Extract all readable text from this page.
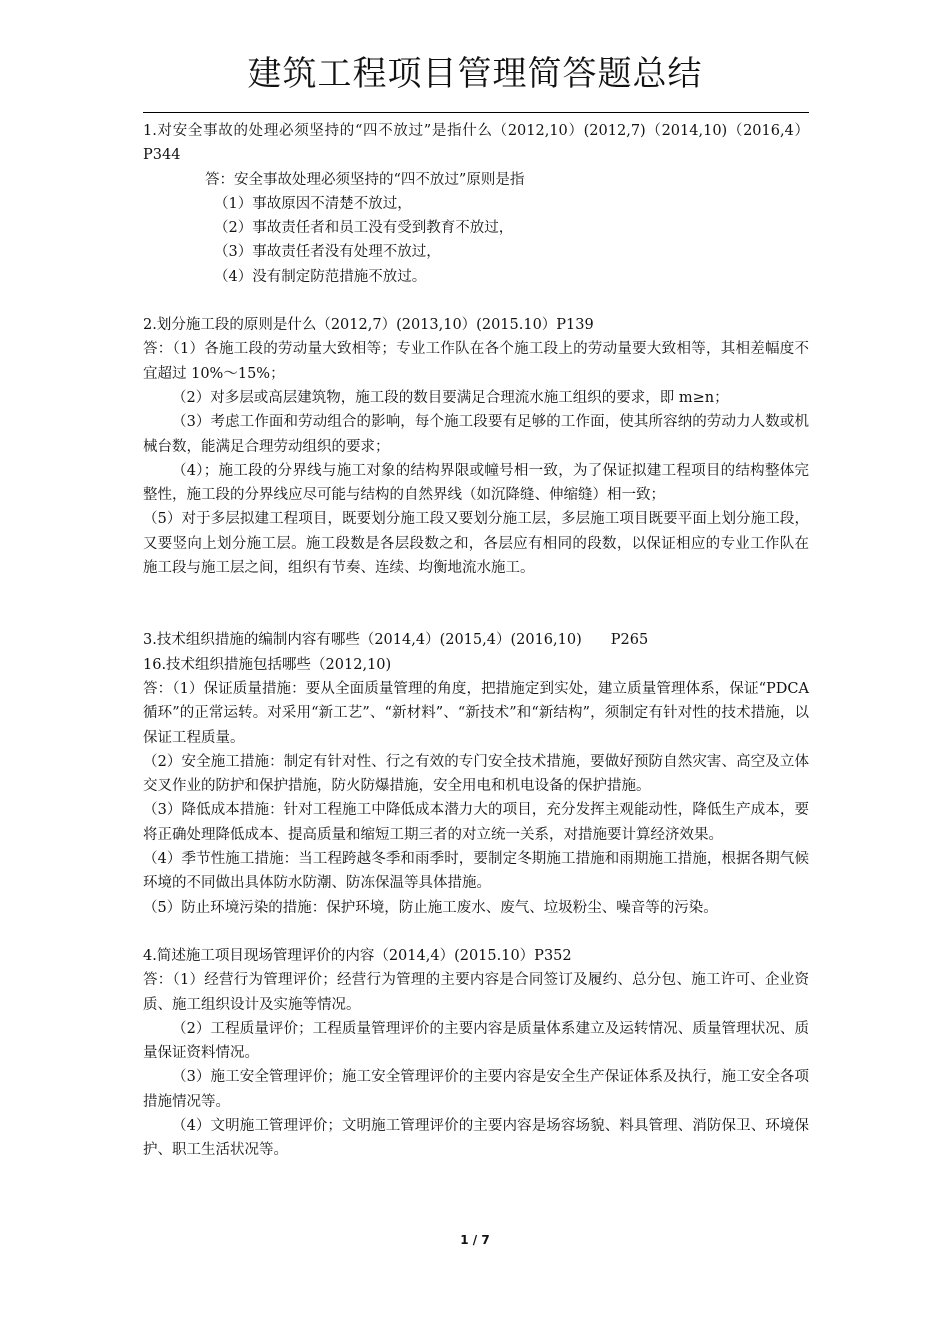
建筑工程项目管理简答题总结

1.对安全事故的处理必须坚持的“四不放过”是指什么（2012,10）(2012,7)（2014,10)（2016,4）P344

答：安全事故处理必须坚持的“四不放过”原则是指

（1）事故原因不清楚不放过，

（2）事故责任者和员工没有受到教育不放过，

（3）事故责任者没有处理不放过，

（4）没有制定防范措施不放过。

2.划分施工段的原则是什么（2012,7）(2013,10）(2015.10）P139

答：（1）各施工段的劳动量大致相等；专业工作队在各个施工段上的劳动量要大致相等，其相差幅度不宜超过 10%～15%；

（2）对多层或高层建筑物，施工段的数目要满足合理流水施工组织的要求，即 m≥n；

（3）考虑工作面和劳动组合的影响，每个施工段要有足够的工作面，使其所容纳的劳动力人数或机械台数，能满足合理劳动组织的要求；

（4）；施工段的分界线与施工对象的结构界限或幢号相一致，为了保证拟建工程项目的结构整体完整性，施工段的分界线应尽可能与结构的自然界线（如沉降缝、伸缩缝）相一致；

（5）对于多层拟建工程项目，既要划分施工段又要划分施工层，多层施工项目既要平面上划分施工段，又要竖向上划分施工层。施工段数是各层段数之和，各层应有相同的段数，以保证相应的专业工作队在施工段与施工层之间，组织有节奏、连续、均衡地流水施工。

3.技术组织措施的编制内容有哪些（2014,4）(2015,4）(2016,10)　　P265

16.技术组织措施包括哪些（2012,10)

答：（1）保证质量措施：要从全面质量管理的角度，把措施定到实处，建立质量管理体系，保证“PDCA 循环”的正常运转。对采用“新工艺”、“新材料”、“新技术”和“新结构”，须制定有针对性的技术措施，以保证工程质量。

（2）安全施工措施：制定有针对性、行之有效的专门安全技术措施，要做好预防自然灾害、高空及立体交叉作业的防护和保护措施，防火防爆措施，安全用电和机电设备的保护措施。

（3）降低成本措施：针对工程施工中降低成本潜力大的项目，充分发挥主观能动性，降低生产成本，要将正确处理降低成本、提高质量和缩短工期三者的对立统一关系，对措施要计算经济效果。

（4）季节性施工措施：当工程跨越冬季和雨季时，要制定冬期施工措施和雨期施工措施，根据各期气候环境的不同做出具体防水防潮、防冻保温等具体措施。

（5）防止环境污染的措施：保护环境，防止施工废水、废气、垃圾粉尘、噪音等的污染。

4.简述施工项目现场管理评价的内容（2014,4）(2015.10）P352

答：（1）经营行为管理评价；经营行为管理的主要内容是合同签订及履约、总分包、施工许可、企业资质、施工组织设计及实施等情况。

（2）工程质量评价；工程质量管理评价的主要内容是质量体系建立及运转情况、质量管理状况、质量保证资料情况。

（3）施工安全管理评价；施工安全管理评价的主要内容是安全生产保证体系及执行，施工安全各项措施情况等。

（4）文明施工管理评价；文明施工管理评价的主要内容是场容场貌、料具管理、消防保卫、环境保护、职工生活状况等。

1 / 7
